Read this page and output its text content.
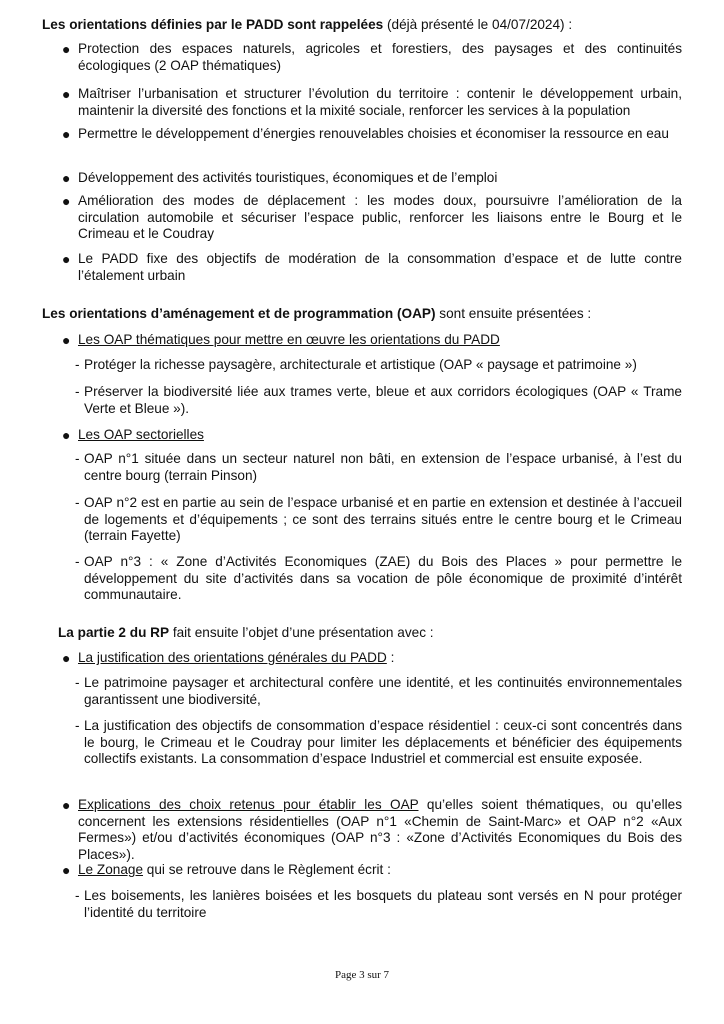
Les orientations définies par le PADD sont rappelées (déjà présenté le 04/07/2024) :
● Protection des espaces naturels, agricoles et forestiers, des paysages et des continuités écologiques (2 OAP thématiques)
● Maîtriser l’urbanisation et structurer l’évolution du territoire : contenir le développement urbain, maintenir la diversité des fonctions et la mixité sociale, renforcer les services à la population
● Permettre le développement d’énergies renouvelables choisies et économiser la ressource en eau
● Développement des activités touristiques, économiques et de l’emploi
● Amélioration des modes de déplacement : les modes doux, poursuivre l’amélioration de la circulation automobile et sécuriser l’espace public, renforcer les liaisons entre le Bourg et le Crimeau et le Coudray
● Le PADD fixe des objectifs de modération de la consommation d’espace et de lutte contre l’étalement urbain
Les orientations d’aménagement et de programmation (OAP) sont ensuite présentées :
● Les OAP thématiques pour mettre en œuvre les orientations du PADD
- Protéger la richesse paysagère, architecturale et artistique (OAP « paysage et patrimoine »)
- Préserver la biodiversité liée aux trames verte, bleue et aux corridors écologiques (OAP « Trame Verte et Bleue »).
● Les OAP sectorielles
- OAP n°1 située dans un secteur naturel non bâti, en extension de l’espace urbanisé, à l’est du centre bourg (terrain Pinson)
- OAP n°2 est en partie au sein de l’espace urbanisé et en partie en extension et destinée à l’accueil de logements et d’équipements ; ce sont des terrains situés entre le centre bourg et le Crimeau (terrain Fayette)
- OAP n°3 : « Zone d’Activités Economiques (ZAE) du Bois des Places » pour permettre le développement du site d’activités dans sa vocation de pôle économique de proximité d’intérêt communautaire.
La partie 2 du RP fait ensuite l’objet d’une présentation avec :
● La justification des orientations générales du PADD :
- Le patrimoine paysager et architectural confère une identité, et les continuités environnementales garantissent une biodiversité,
- La justification des objectifs de consommation d’espace résidentiel : ceux-ci sont concentrés dans le bourg, le Crimeau et le Coudray pour limiter les déplacements et bénéficier des équipements collectifs existants. La consommation d’espace Industriel et commercial est ensuite exposée.
● Explications des choix retenus pour établir les OAP qu’elles soient thématiques, ou qu’elles concernent les extensions résidentielles (OAP n°1 «Chemin de Saint-Marc» et OAP n°2 «Aux Fermes») et/ou d’activités économiques (OAP n°3 : «Zone d’Activités Economiques du Bois des Places»).
● Le Zonage qui se retrouve dans le Règlement écrit :
- Les boisements, les lanières boisées et les bosquets du plateau sont versés en N pour protéger l’identité du territoire
Page 3 sur 7
